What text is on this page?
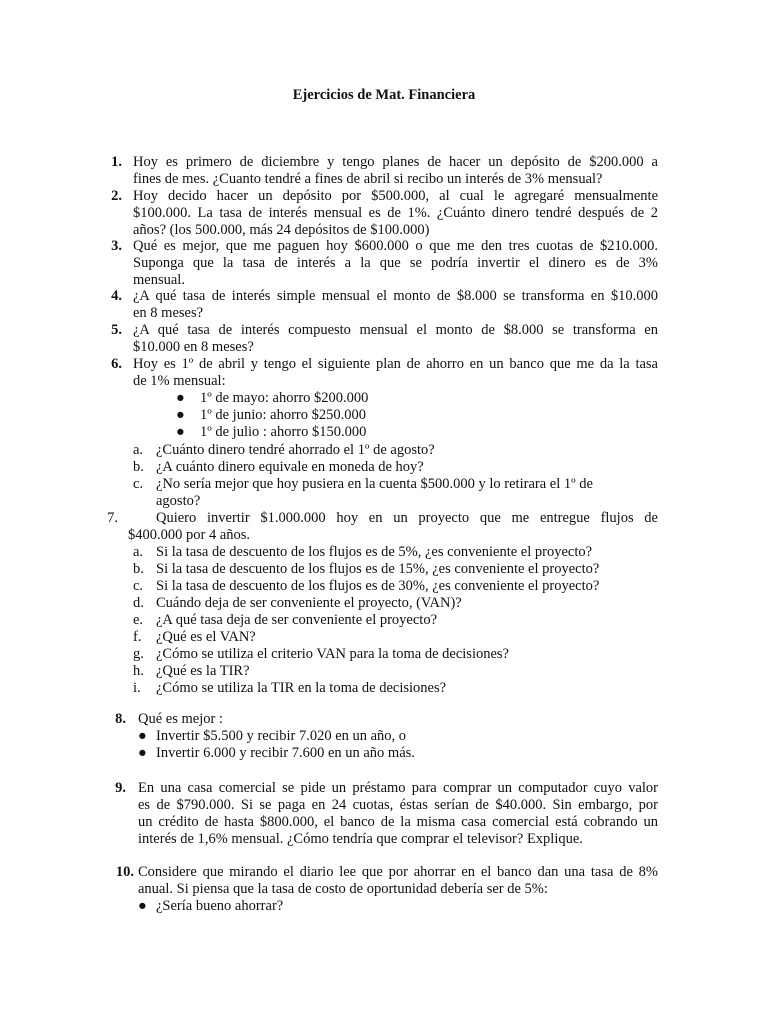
Ejercicios de Mat. Financiera
1. Hoy es primero de diciembre y tengo planes de hacer un depósito de $200.000 a
fines de mes. ¿Cuanto tendré a fines de abril si recibo un interés de 3% mensual?
2. Hoy decido hacer un depósito por $500.000, al cual le agregaré mensualmente
$100.000. La tasa de interés mensual es de 1%. ¿Cuánto dinero tendré después de 2
años? (los 500.000, más 24 depósitos de $100.000)
3. Qué es mejor, que me paguen hoy $600.000 o que me den tres cuotas de $210.000.
Suponga que la tasa de interés a la que se podría invertir el dinero es de 3%
mensual.
4. ¿A qué tasa de interés simple mensual el monto de $8.000 se transforma en $10.000
en 8 meses?
5. ¿A qué tasa de interés compuesto mensual el monto de $8.000 se transforma en
$10.000 en 8 meses?
6. Hoy es 1º de abril y tengo el siguiente plan de ahorro en un banco que me da la tasa
de 1% mensual:
● 1º de mayo: ahorro $200.000
● 1º de junio: ahorro $250.000
● 1º de julio : ahorro $150.000
a. ¿Cuánto dinero tendré ahorrado el 1º de agosto?
b. ¿A cuánto dinero equivale en moneda de hoy?
c. ¿No sería mejor que hoy pusiera en la cuenta $500.000 y lo retirara el 1º de
agosto?
7.	Quiero invertir $1.000.000 hoy en un proyecto que me entregue flujos de
$400.000 por 4 años.
a. Si la tasa de descuento de los flujos es de 5%, ¿es conveniente el proyecto?
b. Si la tasa de descuento de los flujos es de 15%, ¿es conveniente el proyecto?
c. Si la tasa de descuento de los flujos es de 30%, ¿es conveniente el proyecto?
d. Cuándo deja de ser conveniente el proyecto, (VAN)?
e. ¿A qué tasa deja de ser conveniente el proyecto?
f. ¿Qué es el VAN?
g. ¿Cómo se utiliza el criterio VAN para la toma de decisiones?
h. ¿Qué es la TIR?
i. ¿Cómo se utiliza la TIR en la toma de decisiones?
8. Qué es mejor :
● Invertir $5.500 y recibir 7.020 en un año, o
● Invertir 6.000 y recibir 7.600 en un año más.
9. En una casa comercial se pide un préstamo para comprar un computador cuyo valor
es de $790.000. Si se paga en 24 cuotas, éstas serían de $40.000. Sin embargo, por
un crédito de hasta $800.000, el banco de la misma casa comercial está cobrando un
interés de 1,6% mensual. ¿Cómo tendría que comprar el televisor? Explique.
10. Considere que mirando el diario lee que por ahorrar en el banco dan una tasa de 8%
anual. Si piensa que la tasa de costo de oportunidad debería ser de 5%:
● ¿Sería bueno ahorrar?
